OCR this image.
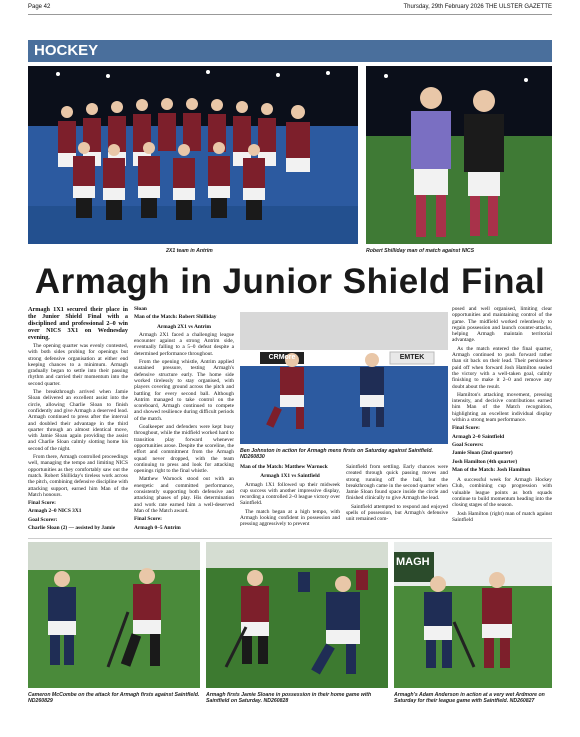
Page 42	Thursday, 29th February 2026 THE ULSTER GAZETTE
HOCKEY
2X1 team in Antrim	Robert Shilliday man of match against NICS
Armagh in Junior Shield Final

Armagh 1X1 secured their place in the Junior Shield Final with a disciplined and professional 2–0 win over NICS 3X1 on Wednesday evening.

The opening quarter was evenly contested, with both sides probing for openings but strong defensive organisation at either end keeping chances to a minimum. Armagh gradually began to settle into their passing rhythm and carried their momentum into the second quarter.

The breakthrough arrived when Jamie Sloan delivered an excellent assist into the circle, allowing Charlie Sloan to finish confidently and give Armagh a deserved lead. Armagh continued to press after the interval and doubled their advantage in the third quarter through an almost identical move, with Jamie Sloan again providing the assist and Charlie Sloan calmly slotting home his second of the night.

From there, Armagh controlled proceedings well, managing the tempo and limiting NICS opportunities as they comfortably saw out the match. Robert Shilliday's tireless work across the pitch, combining defensive discipline with attacking support, earned him Man of the Match honours.

Final Score:

Armagh 2–0 NICS 3X1

Goal Scorer:

Charlie Sloan (2) — assisted by Jamie

Sloan

Man of the Match: Robert Shilliday

Armagh 2X1 vs Antrim

Armagh 2X1 faced a challenging league encounter against a strong Antrim side, eventually falling to a 5–0 defeat despite a determined performance throughout.

From the opening whistle, Antrim applied sustained pressure, testing Armagh's defensive structure early. The home side worked tirelessly to stay organised, with players covering ground across the pitch and battling for every second ball. Although Antrim managed to take control on the scoreboard, Armagh continued to compete and showed resilience during difficult periods of the match.

Goalkeeper and defenders were kept busy throughout, while the midfield worked hard to transition play forward whenever opportunities arose. Despite the scoreline, the effort and commitment from the Armagh squad never dropped, with the team continuing to press and look for attacking openings right to the final whistle.

Matthew Warnock stood out with an energetic and committed performance, consistently supporting both defensive and attacking phases of play. His determination and work rate earned him a well-deserved Man of the Match award.

Final Score:

Armagh 0–5 Antrim

CRMore	EMTEK
Ben Johnston in action for Armagh mens firsts on Saturday against Saintfield. ND260830

Man of the Match: Matthew Warnock

Armagh 1X1 vs Saintfield

Armagh 1X1 followed up their midweek cup success with another impressive display, recording a controlled 2–0 league victory over Saintfield.

The match began at a high tempo, with Armagh looking confident in possession and pressing aggressively to prevent

Saintfield from settling. Early chances were created through quick passing moves and strong running off the ball, but the breakthrough came in the second quarter when Jamie Sloan found space inside the circle and finished clinically to give Armagh the lead.

Saintfield attempted to respond and enjoyed spells of possession, but Armagh's defensive unit remained com-

posed and well organised, limiting clear opportunities and maintaining control of the game. The midfield worked relentlessly to regain possession and launch counter-attacks, helping Armagh maintain territorial advantage.

As the match entered the final quarter, Armagh continued to push forward rather than sit back on their lead. Their persistence paid off when forward Josh Hamilton sealed the victory with a well-taken goal, calmly finishing to make it 2–0 and remove any doubt about the result.

Hamilton's attacking movement, pressing intensity, and decisive contributions earned him Man of the Match recognition, highlighting an excellent individual display within a strong team performance.

Final Score:

Armagh 2–0 Saintfield

Goal Scorers:

Jamie Sloan (2nd quarter)

Josh Hamilton (4th quarter)

Man of the Match: Josh Hamilton

A successful week for Armagh Hockey Club, combining cup progression with valuable league points as both squads continue to build momentum heading into the closing stages of the season.

Josh Hamilton (right) man of match against Saintfield

Cameron McCombe on the attack for Armagh firsts against Saintfield. ND260829
Armagh firsts Jamie Sloane in possession in their home game with Saintfield on Saturday. ND260828
MAGH
Armagh's Adam Anderson in action at a very wet Ardmore on Saturday for their league game with Saintfield. ND260827
